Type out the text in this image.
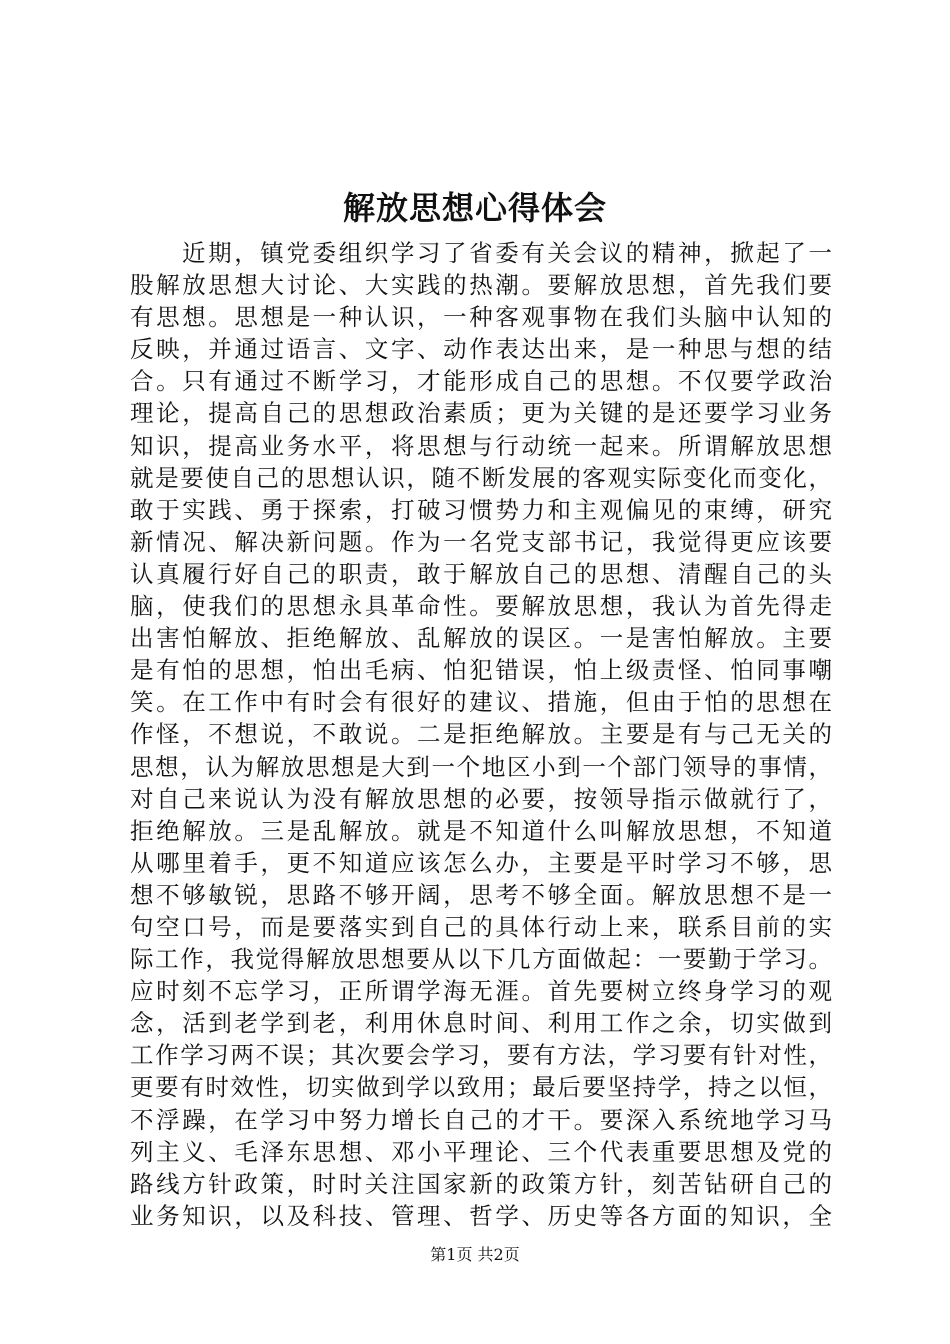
解放思想心得体会
近期，镇党委组织学习了省委有关会议的精神，掀起了一
股解放思想大讨论、大实践的热潮。要解放思想，首先我们要
有思想。思想是一种认识，一种客观事物在我们头脑中认知的
反映，并通过语言、文字、动作表达出来，是一种思与想的结
合。只有通过不断学习，才能形成自己的思想。不仅要学政治
理论，提高自己的思想政治素质；更为关键的是还要学习业务
知识，提高业务水平，将思想与行动统一起来。所谓解放思想
就是要使自己的思想认识，随不断发展的客观实际变化而变化，
敢于实践、勇于探索，打破习惯势力和主观偏见的束缚，研究
新情况、解决新问题。作为一名党支部书记，我觉得更应该要
认真履行好自己的职责，敢于解放自己的思想、清醒自己的头
脑，使我们的思想永具革命性。要解放思想，我认为首先得走
出害怕解放、拒绝解放、乱解放的误区。一是害怕解放。主要
是有怕的思想，怕出毛病、怕犯错误，怕上级责怪、怕同事嘲
笑。在工作中有时会有很好的建议、措施，但由于怕的思想在
作怪，不想说，不敢说。二是拒绝解放。主要是有与己无关的
思想，认为解放思想是大到一个地区小到一个部门领导的事情，
对自己来说认为没有解放思想的必要，按领导指示做就行了，
拒绝解放。三是乱解放。就是不知道什么叫解放思想，不知道
从哪里着手，更不知道应该怎么办，主要是平时学习不够，思
想不够敏锐，思路不够开阔，思考不够全面。解放思想不是一
句空口号，而是要落实到自己的具体行动上来，联系目前的实
际工作，我觉得解放思想要从以下几方面做起：一要勤于学习。
应时刻不忘学习，正所谓学海无涯。首先要树立终身学习的观
念，活到老学到老，利用休息时间、利用工作之余，切实做到
工作学习两不误；其次要会学习，要有方法，学习要有针对性，
更要有时效性，切实做到学以致用；最后要坚持学，持之以恒，
不浮躁，在学习中努力增长自己的才干。要深入系统地学习马
列主义、毛泽东思想、邓小平理论、三个代表重要思想及党的
路线方针政策，时时关注国家新的政策方针，刻苦钻研自己的
业务知识，以及科技、管理、哲学、历史等各方面的知识，全
第1页 共2页
